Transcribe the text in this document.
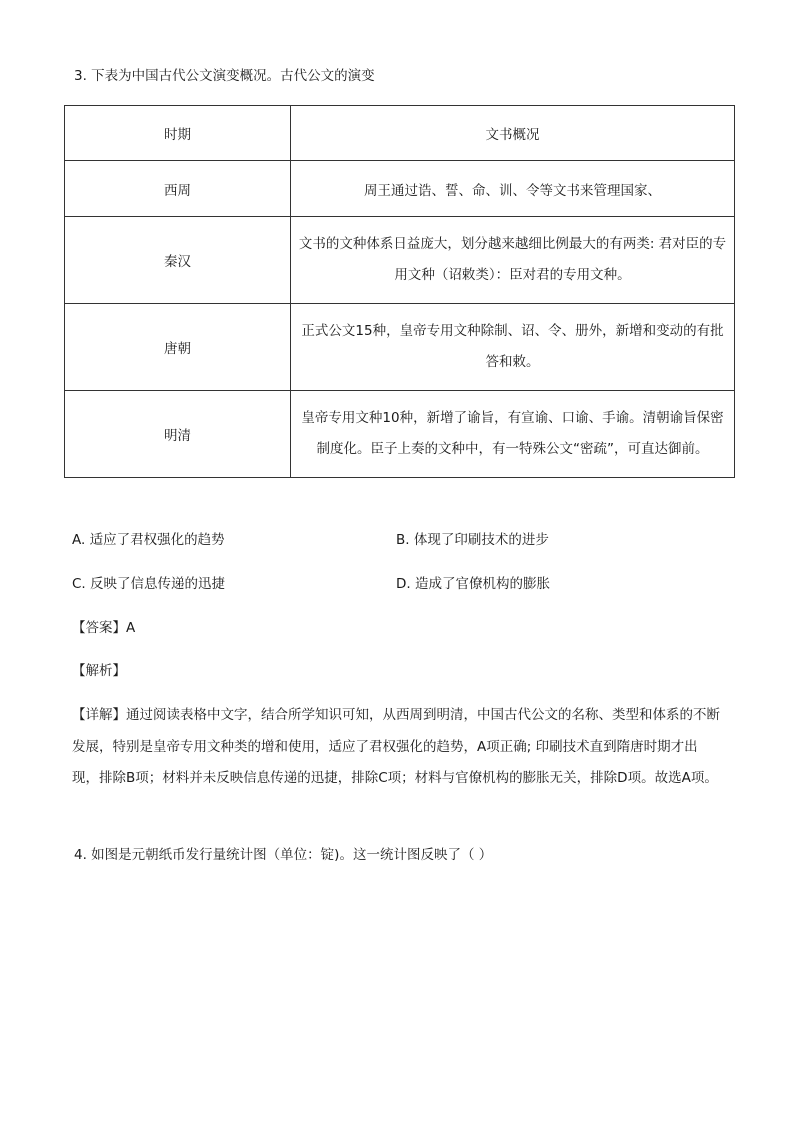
3. 下表为中国古代公文演变概况。古代公文的演变
时期	文书概况
西周	周王通过诰、誓、命、训、令等文书来管理国家、
秦汉	文书的文种体系日益庞大，划分越来越细比例最大的有两类: 君对臣的专用文种（诏敕类）：臣对君的专用文种。
唐朝	正式公文15种，皇帝专用文种除制、诏、令、册外，新增和变动的有批答和敕。
明清	皇帝专用文种10种，新增了谕旨，有宣谕、口谕、手谕。清朝谕旨保密制度化。臣子上奏的文种中，有一特殊公文“密疏”，可直达御前。
A. 适应了君权强化的趋势	B. 体现了印刷技术的进步
C. 反映了信息传递的迅捷	D. 造成了官僚机构的膨胀
【答案】A
【解析】
【详解】通过阅读表格中文字，结合所学知识可知，从西周到明清，中国古代公文的名称、类型和体系的不断发展，特别是皇帝专用文种类的增和使用，适应了君权强化的趋势，A项正确; 印刷技术直到隋唐时期才出现，排除B项；材料并未反映信息传递的迅捷，排除C项；材料与官僚机构的膨胀无关，排除D项。故选A项。
4. 如图是元朝纸币发行量统计图（单位：锭)。这一统计图反映了（ ）
